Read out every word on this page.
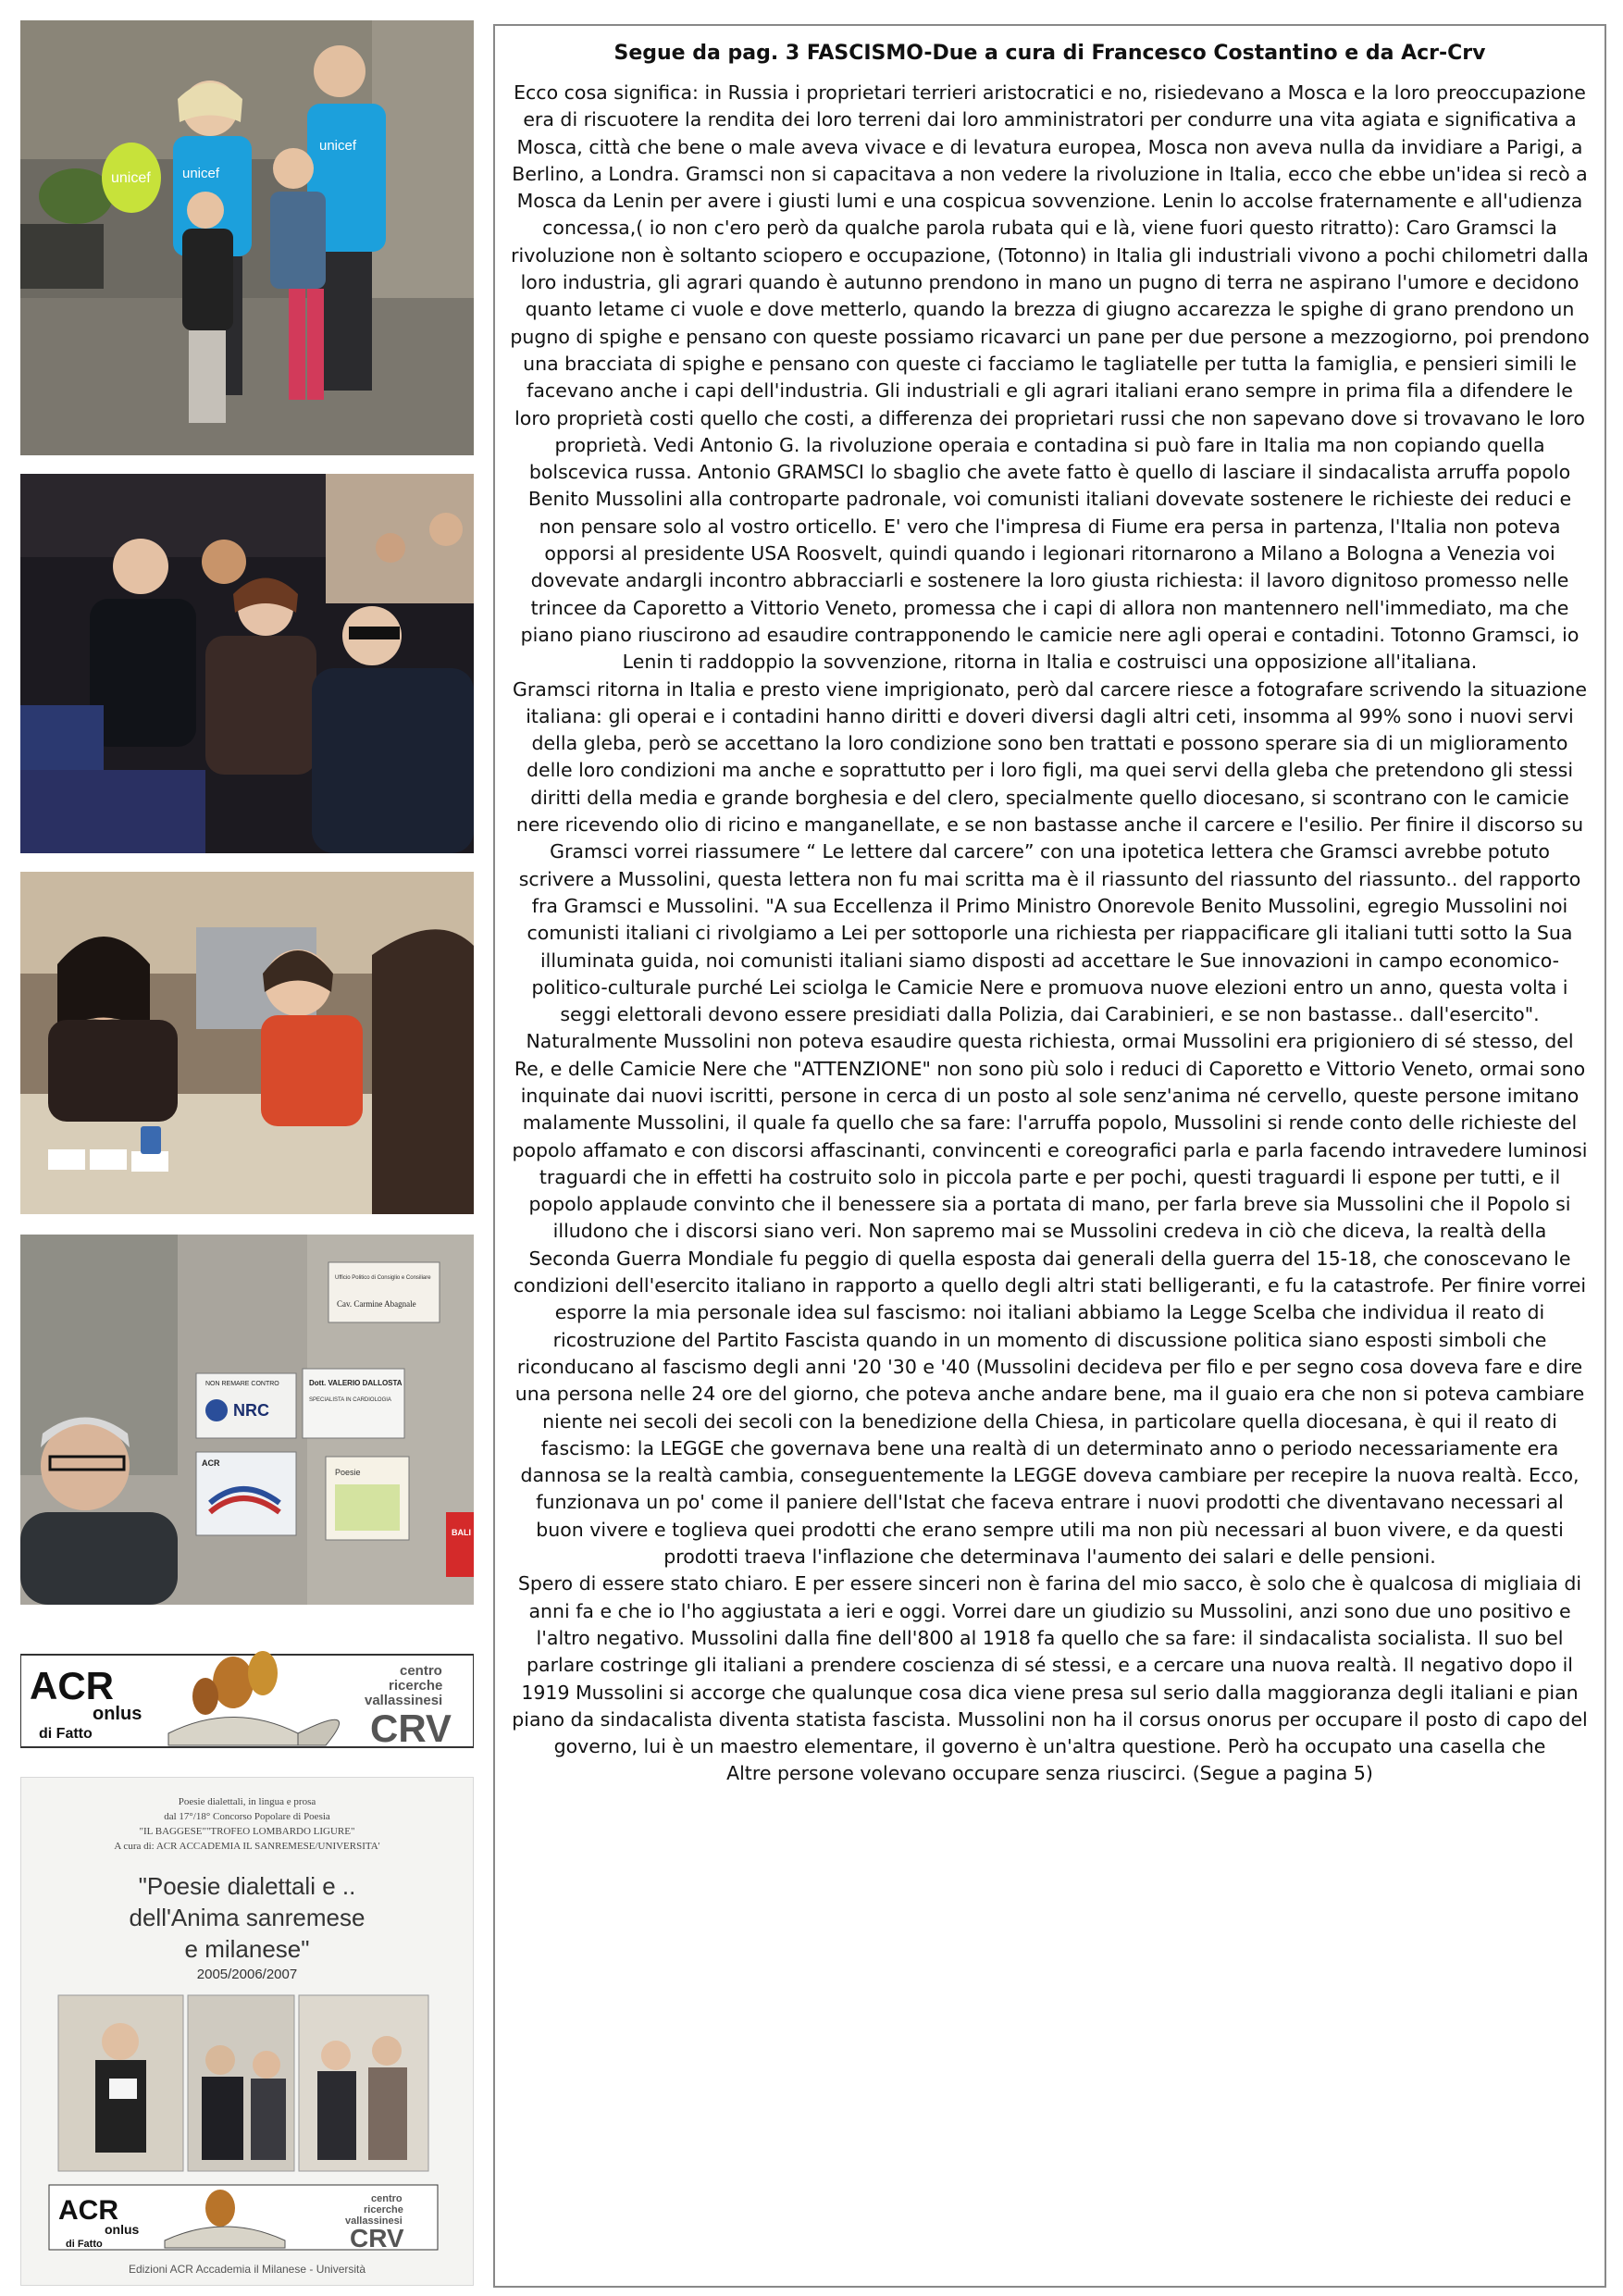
unicef unicef
unicef
Ufficio Politico di Consiglio e Consiliare
Cav. Carmine Abagnale
NON REMARE CONTRO
NRC
Dott. VALERIO DALLOSTA
SPECIALISTA IN CARDIOLOGIA
ACR
Poesie
BALI
ACR
onlus
di Fatto
centro
ricerche
vallassinesi
CRV
Poesie dialettali, in lingua e prosa
dal 17°/18° Concorso Popolare di Poesia
"IL BAGGESE""TROFEO LOMBARDO LIGURE"
A cura di: ACR ACCADEMIA IL SANREMESE/UNIVERSITA'
"Poesie dialettali e ..
dell'Anima sanremese
e milanese"
2005/2006/2007
ACR
onlus
di Fatto
centro
ricerche
vallassinesi
CRV
Edizioni ACR Accademia il Milanese - Università
Segue da pag. 3 FASCISMO-Due a cura di Francesco Costantino e da Acr-Crv

Ecco cosa significa: in Russia i proprietari terrieri aristocratici e no, risiedevano a Mosca e la loro preoccupazione era di riscuotere la rendita dei loro terreni dai loro amministratori per condurre una vita agiata e significativa a Mosca, città che bene o male aveva vivace e di levatura europea, Mosca non aveva nulla da invidiare a Parigi, a Berlino, a Londra. Gramsci non si capacitava a non vedere la rivoluzione in Italia, ecco che ebbe un'idea si recò a Mosca da Lenin per avere i giusti lumi e una cospicua sovvenzione. Lenin lo accolse fraternamente e all'udienza concessa,( io non c'ero però da qualche parola rubata qui e là, viene fuori questo ritratto): Caro Gramsci la rivoluzione non è soltanto sciopero e occupazione, (Totonno) in Italia gli industriali vivono a pochi chilometri dalla loro industria, gli agrari quando è autunno prendono in mano un pugno di terra ne aspirano l'umore e decidono quanto letame ci vuole e dove metterlo, quando la brezza di giugno accarezza le spighe di grano prendono un pugno di spighe e pensano con queste possiamo ricavarci un pane per due persone a mezzogiorno, poi prendono una bracciata di spighe e pensano con queste ci facciamo le tagliatelle per tutta la famiglia, e pensieri simili le facevano anche i capi dell'industria. Gli industriali e gli agrari italiani erano sempre in prima fila a difendere le loro proprietà costi quello che costi, a differenza dei proprietari russi che non sapevano dove si trovavano le loro proprietà. Vedi Antonio G. la rivoluzione operaia e contadina si può fare in Italia ma non copiando quella bolscevica russa. Antonio GRAMSCI lo sbaglio che avete fatto è quello di lasciare il sindacalista arruffa popolo Benito Mussolini alla controparte padronale, voi comunisti italiani dovevate sostenere le richieste dei reduci e non pensare solo al vostro orticello. E' vero che l'impresa di Fiume era persa in partenza, l'Italia non poteva opporsi al presidente USA Roosvelt, quindi quando i legionari ritornarono a Milano a Bologna a Venezia voi dovevate andargli incontro abbracciarli e sostenere la loro giusta richiesta: il lavoro dignitoso promesso nelle trincee da Caporetto a Vittorio Veneto, promessa che i capi di allora non mantennero nell'immediato, ma che piano piano riuscirono ad esaudire contrapponendo le camicie nere agli operai e contadini. Totonno Gramsci, io Lenin ti raddoppio la sovvenzione, ritorna in Italia e costruisci una opposizione all'italiana.

Gramsci ritorna in Italia e presto viene imprigionato, però dal carcere riesce a fotografare scrivendo la situazione italiana: gli operai e i contadini hanno diritti e doveri diversi dagli altri ceti, insomma al 99% sono i nuovi servi della gleba, però se accettano la loro condizione sono ben trattati e possono sperare sia di un miglioramento delle loro condizioni ma anche e soprattutto per i loro figli, ma quei servi della gleba che pretendono gli stessi diritti della media e grande borghesia e del clero, specialmente quello diocesano, si scontrano con le camicie nere ricevendo olio di ricino e manganellate, e se non bastasse anche il carcere e l'esilio. Per finire il discorso su Gramsci vorrei riassumere “ Le lettere dal carcere” con una ipotetica lettera che Gramsci avrebbe potuto scrivere a Mussolini, questa lettera non fu mai scritta ma è il riassunto del riassunto del riassunto.. del rapporto fra Gramsci e Mussolini. "A sua Eccellenza il Primo Ministro Onorevole Benito Mussolini, egregio Mussolini noi comunisti italiani ci rivolgiamo a Lei per sottoporle una richiesta per riappacificare gli italiani tutti sotto la Sua illuminata guida, noi comunisti italiani siamo disposti ad accettare le Sue innovazioni in campo economico-politico-culturale purché Lei sciolga le Camicie Nere e promuova nuove elezioni entro un anno, questa volta i seggi elettorali devono essere presidiati dalla Polizia, dai Carabinieri, e se non bastasse.. dall'esercito". Naturalmente Mussolini non poteva esaudire questa richiesta, ormai Mussolini era prigioniero di sé stesso, del Re, e delle Camicie Nere che "ATTENZIONE" non sono più solo i reduci di Caporetto e Vittorio Veneto, ormai sono inquinate dai nuovi iscritti, persone in cerca di un posto al sole senz'anima né cervello, queste persone imitano malamente Mussolini, il quale fa quello che sa fare: l'arruffa popolo, Mussolini si rende conto delle richieste del popolo affamato e con discorsi affascinanti, convincenti e coreografici parla e parla facendo intravedere luminosi traguardi che in effetti ha costruito solo in piccola parte e per pochi, questi traguardi li espone per tutti, e il popolo applaude convinto che il benessere sia a portata di mano, per farla breve sia Mussolini che il Popolo si illudono che i discorsi siano veri. Non sapremo mai se Mussolini credeva in ciò che diceva, la realtà della Seconda Guerra Mondiale fu peggio di quella esposta dai generali della guerra del 15-18, che conoscevano le condizioni dell'esercito italiano in rapporto a quello degli altri stati belligeranti, e fu la catastrofe. Per finire vorrei esporre la mia personale idea sul fascismo: noi italiani abbiamo la Legge Scelba che individua il reato di ricostruzione del Partito Fascista quando in un momento di discussione politica siano esposti simboli che riconducano al fascismo degli anni '20 '30 e '40 (Mussolini decideva per filo e per segno cosa doveva fare e dire una persona nelle 24 ore del giorno, che poteva anche andare bene, ma il guaio era che non si poteva cambiare niente nei secoli dei secoli con la benedizione della Chiesa, in particolare quella diocesana, è qui il reato di fascismo: la LEGGE che governava bene una realtà di un determinato anno o periodo necessariamente era dannosa se la realtà cambia, conseguentemente la LEGGE doveva cambiare per recepire la nuova realtà. Ecco, funzionava un po' come il paniere dell'Istat che faceva entrare i nuovi prodotti che diventavano necessari al buon vivere e toglieva quei prodotti che erano sempre utili ma non più necessari al buon vivere, e da questi prodotti traeva l'inflazione che determinava l'aumento dei salari e delle pensioni.

Spero di essere stato chiaro. E per essere sinceri non è farina del mio sacco, è solo che è qualcosa di migliaia di anni fa e che io l'ho aggiustata a ieri e oggi. Vorrei dare un giudizio su Mussolini, anzi sono due uno positivo e l'altro negativo. Mussolini dalla fine dell'800 al 1918 fa quello che sa fare: il sindacalista socialista. Il suo bel parlare costringe gli italiani a prendere coscienza di sé stessi, e a cercare una nuova realtà. Il negativo dopo il 1919 Mussolini si accorge che qualunque cosa dica viene presa sul serio dalla maggioranza degli italiani e pian piano da sindacalista diventa statista fascista. Mussolini non ha il corsus onorus per occupare il posto di capo del governo, lui è un maestro elementare, il governo è un'altra questione. Però ha occupato una casella che

Altre persone volevano occupare senza riuscirci. (Segue a pagina 5)
